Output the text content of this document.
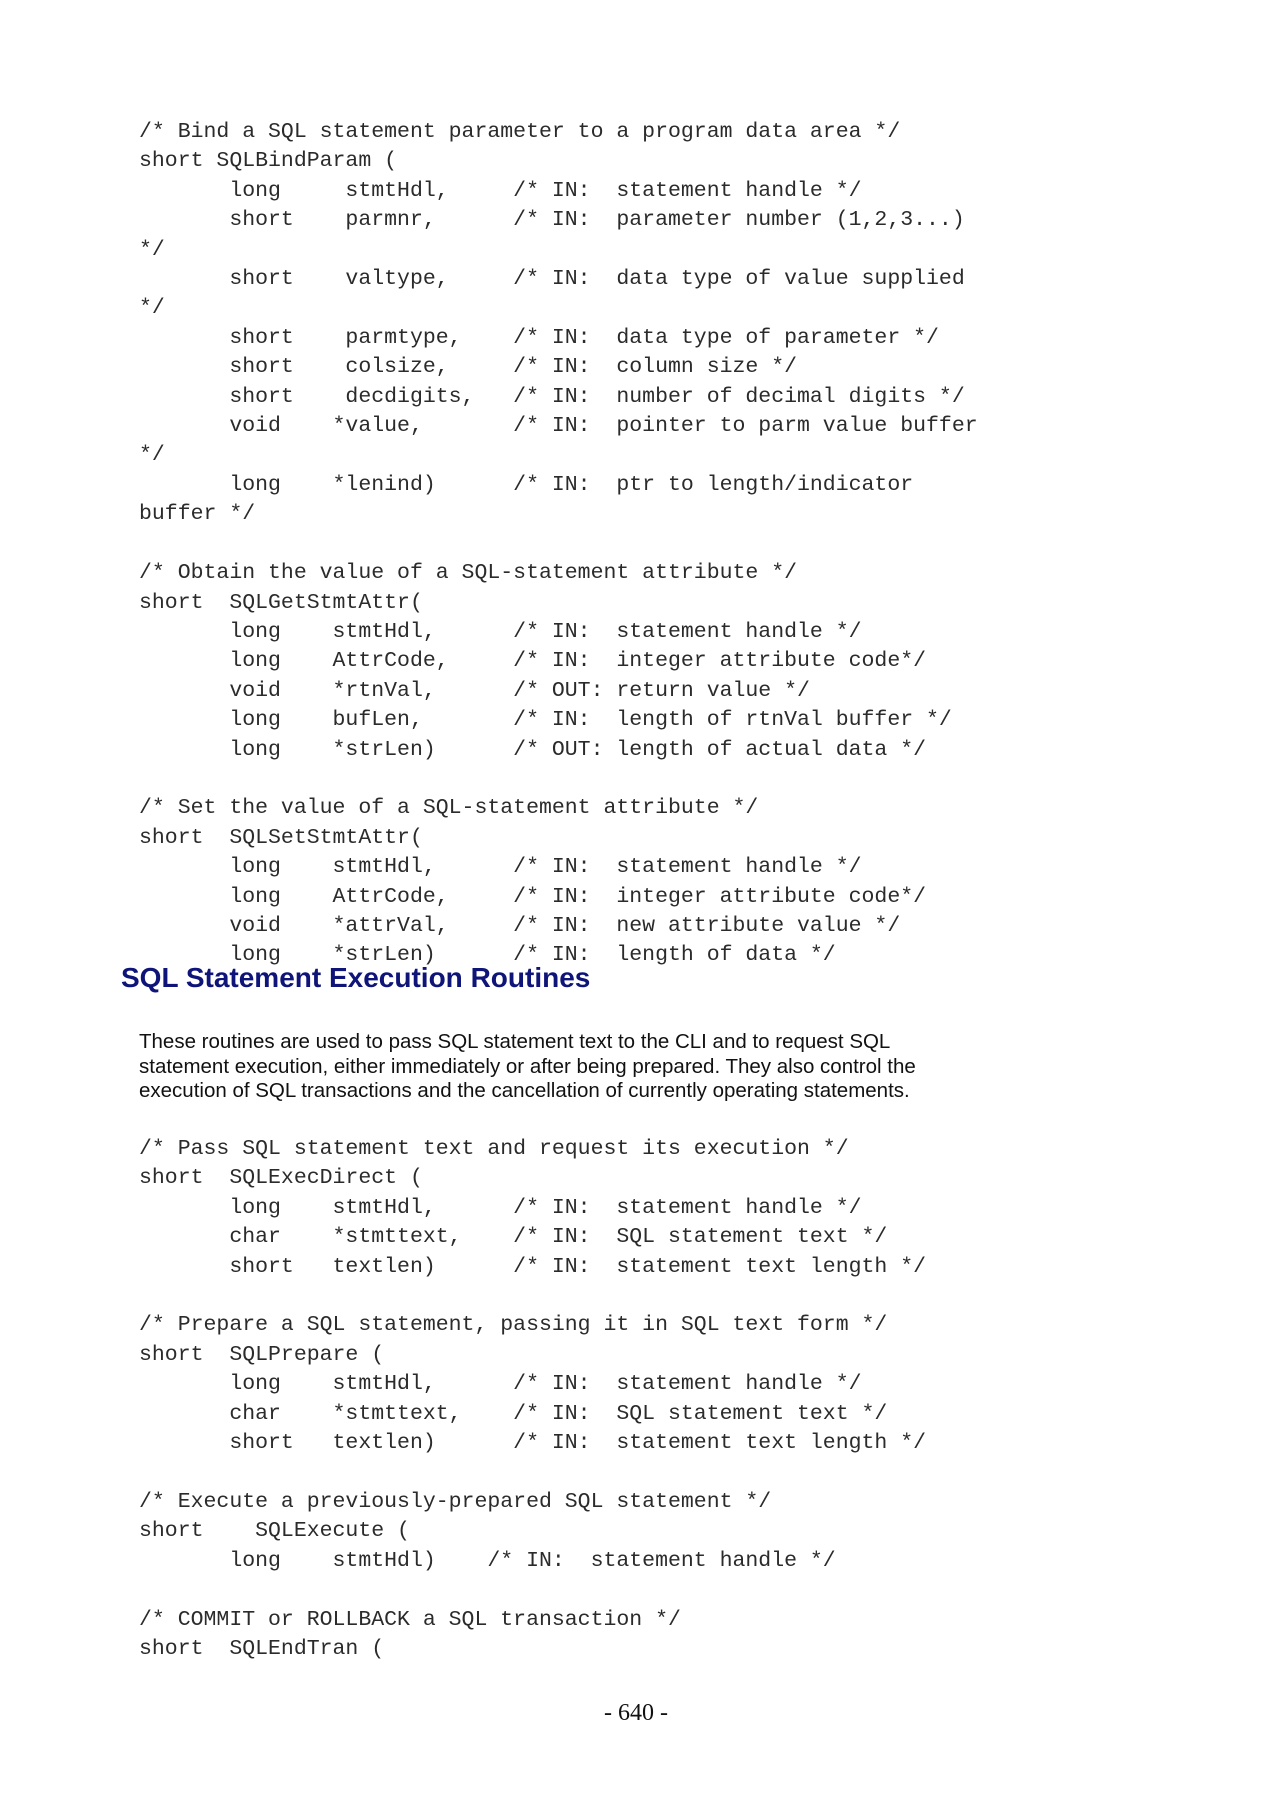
/* Bind a SQL statement parameter to a program data area */
short SQLBindParam (
long     stmtHdl,     /* IN:  statement handle */
short    parmnr,      /* IN:  parameter number (1,2,3...)
*/
short    valtype,     /* IN:  data type of value supplied
*/
short    parmtype,    /* IN:  data type of parameter */
short    colsize,     /* IN:  column size */
short    decdigits,   /* IN:  number of decimal digits */
void    *value,       /* IN:  pointer to parm value buffer
*/
long    *lenind)      /* IN:  ptr to length/indicator
buffer */

/* Obtain the value of a SQL-statement attribute */
short  SQLGetStmtAttr(
long    stmtHdl,      /* IN:  statement handle */
long    AttrCode,     /* IN:  integer attribute code*/
void    *rtnVal,      /* OUT: return value */
long    bufLen,       /* IN:  length of rtnVal buffer */
long    *strLen)      /* OUT: length of actual data */

/* Set the value of a SQL-statement attribute */
short  SQLSetStmtAttr(
long    stmtHdl,      /* IN:  statement handle */
long    AttrCode,     /* IN:  integer attribute code*/
void    *attrVal,     /* IN:  new attribute value */
long    *strLen)      /* IN:  length of data */
SQL Statement Execution Routines

These routines are used to pass SQL statement text to the CLI and to request SQL
statement execution, either immediately or after being prepared. They also control the
execution of SQL transactions and the cancellation of currently operating statements.

/* Pass SQL statement text and request its execution */
short  SQLExecDirect (
long    stmtHdl,      /* IN:  statement handle */
char    *stmttext,    /* IN:  SQL statement text */
short   textlen)      /* IN:  statement text length */

/* Prepare a SQL statement, passing it in SQL text form */
short  SQLPrepare (
long    stmtHdl,      /* IN:  statement handle */
char    *stmttext,    /* IN:  SQL statement text */
short   textlen)      /* IN:  statement text length */

/* Execute a previously-prepared SQL statement */
short    SQLExecute (
long    stmtHdl)    /* IN:  statement handle */

/* COMMIT or ROLLBACK a SQL transaction */
short  SQLEndTran (

- 640 -
